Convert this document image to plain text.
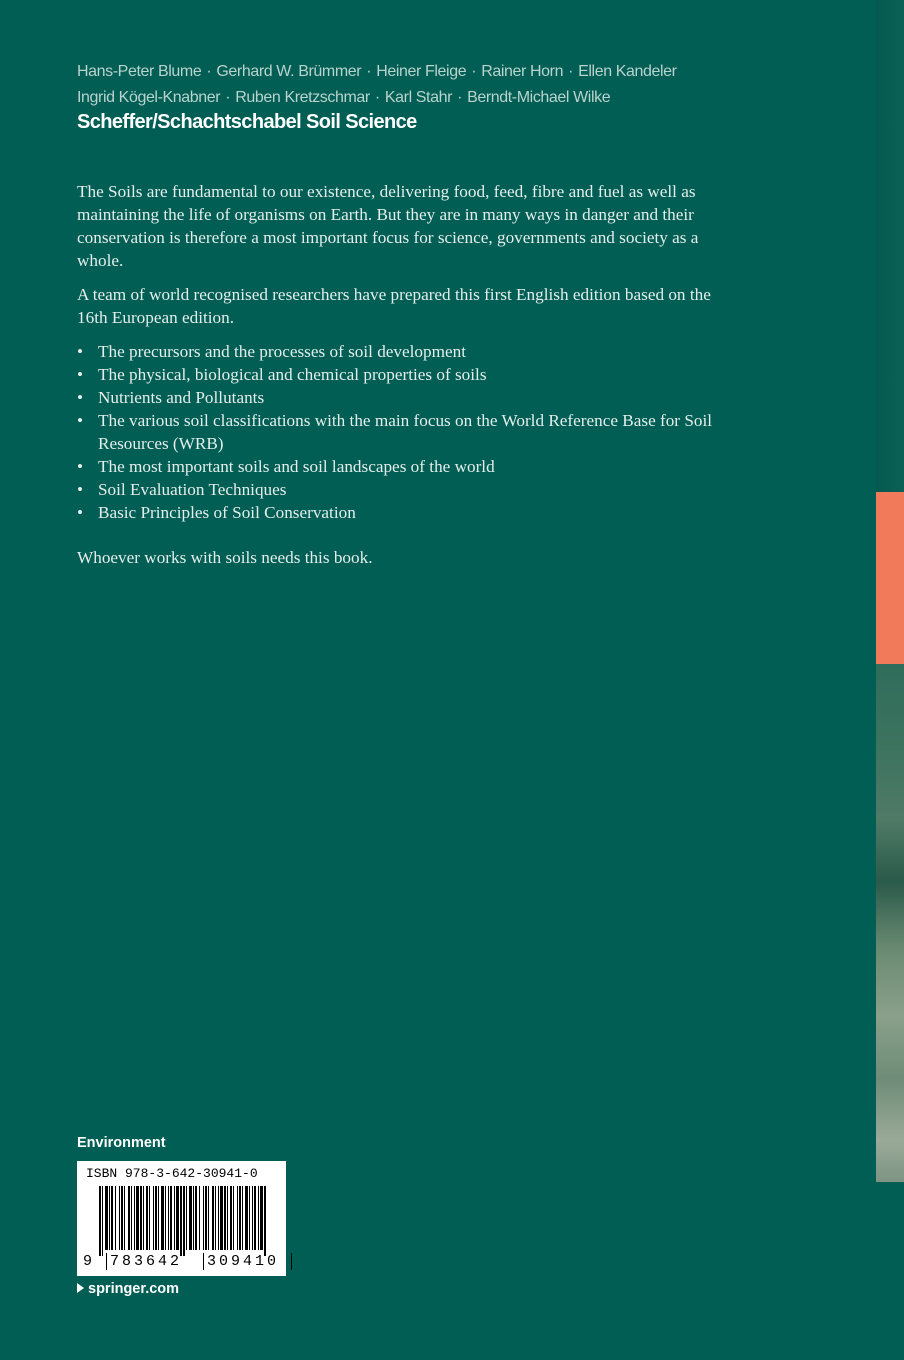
Hans-Peter Blume · Gerhard W. Brümmer · Heiner Fleige · Rainer Horn · Ellen Kandeler
Ingrid Kögel-Knabner · Ruben Kretzschmar · Karl Stahr · Berndt-Michael Wilke
Scheffer/Schachtschabel Soil Science

The Soils are fundamental to our existence, delivering food, feed, fibre and fuel as well as maintaining the life of organisms on Earth. But they are in many ways in danger and their conservation is therefore a most important focus for science, governments and society as a whole.

A team of world recognised researchers have prepared this first English edition based on the 16th European edition.

• The precursors and the processes of soil development
• The physical, biological and chemical properties of soils
• Nutrients and Pollutants
• The various soil classifications with the main focus on the World Reference Base for Soil Resources (WRB)
• The most important soils and soil landscapes of the world
• Soil Evaluation Techniques
• Basic Principles of Soil Conservation

Whoever works with soils needs this book.

Environment
ISBN 978-3-642-30941-0
9 783642 309410
springer.com
